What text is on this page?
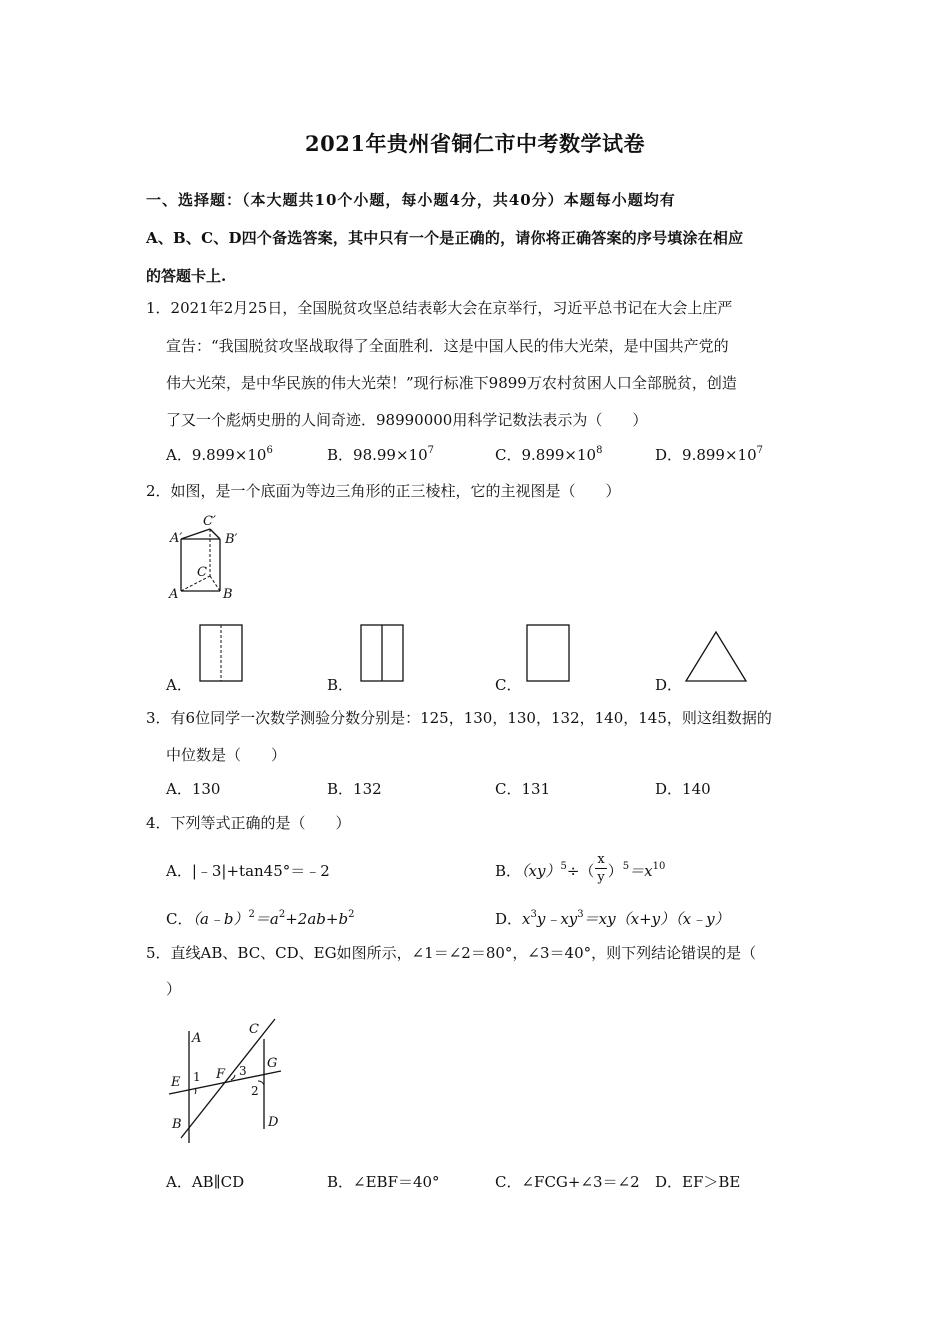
2021年贵州省铜仁市中考数学试卷
一、选择题：（本大题共10个小题，每小题4分，共40分）本题每小题均有
A、B、C、D四个备选答案，其中只有一个是正确的，请你将正确答案的序号填涂在相应
的答题卡上.
1．2021年2月25日，全国脱贫攻坚总结表彰大会在京举行，习近平总书记在大会上庄严
宣告：“我国脱贫攻坚战取得了全面胜利．这是中国人民的伟大光荣，是中国共产党的
伟大光荣，是中华民族的伟大光荣！”现行标准下9899万农村贫困人口全部脱贫，创造
了又一个彪炳史册的人间奇迹．98990000用科学记数法表示为（　　）
A．$9.899\times 10^6$	B．$98.99\times 10^7$	C．$9.899\times 10^8$	D．$9.899\times 10^7$
2．如图，是一个底面为等边三角形的正三棱柱，它的主视图是（　　）
C′
A′	B′
C
A	B
A．	B．	C．	D．
3．有6位同学一次数学测验分数分别是：125，130，130，132，140，145，则这组数据的
中位数是（　　）
A．130	B．132	C．131	D．140
4．下列等式正确的是（　　）
A．|﹣3|+tan45°＝﹣2	B．$(xy)^5\div( \frac{x}{y} )^5=x^{10}$
C．$(a﹣b)^2=a^2+2ab+b^2$	D．$x^3y﹣xy^3=xy(x+y)(x﹣y)$
5．直线AB、BC、CD、EG如图所示，∠1＝∠2＝80°，∠3＝40°，则下列结论错误的是（
）
A
C
G
E 1 F 3
2
B	D
A．AB∥CD	B．∠EBF＝40°	C．∠FCG+∠3＝∠2 D．EF＞BE
